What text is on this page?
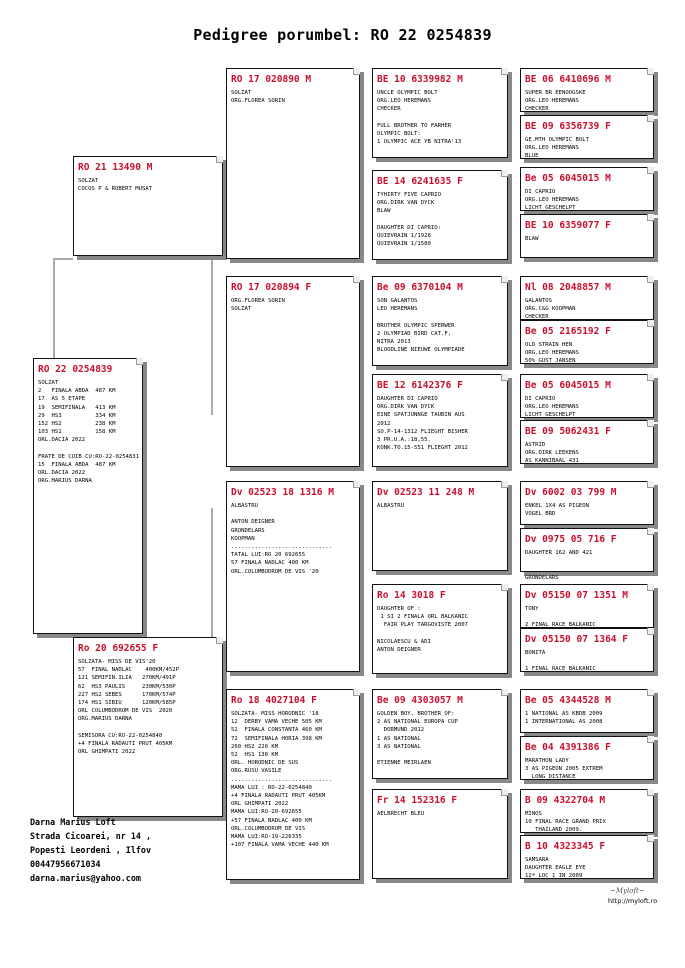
Pedigree porumbel: RO 22 0254839
RO 22 0254839
SOLZAT
2   FINALA ABDA  487 KM
17  AS 5 ETAPE
19  SEMIFINALA   413 KM
29  HS3          334 KM
152 HS2          238 KM
103 HS1          158 KM
ORL.DACIA 2022
FRATE DE CUIB CU:RO-22-0254831
15  FINALA ABDA  487 KM
ORL.DACIA 2022
ORG.MARIUS DARNA
RO 21 13490 M
SOLZAT
COCOS P & ROBERT MUSAT
Ro 20 692655 F
SOLZATA- MISS DE VIS'20
57  FINAL NADLAC    400KM/452P
121 SEMIFIN.ILIA   270KM/491P
62  HS3 PAULIS     230KM/530P
227 HS2 SEBES      170KM/574P
174 HS1 SIBIU      120KM/585P
ORL COLUMBODROM DE VIS  2020
ORG.MARIUS DARNA
SEMISORA CU:RO-22-0254840
+4 FINALA RADAUTI PRUT 405KM
ORL GHIMPATI 2022
RO 17 020890 M
SOLZAT
ORG.FLOREA SORIN
RO 17 020894 F
ORG.FLOREA SORIN
SOLZAT
Dv 02523 18 1316 M
ALBASTRU
ANTON DEIGNER
GRONDELARS
KOOPMAN
..............................
TATAL LUI:RO 20 692655
57 FINALA NADLAC 400 KM
ORL.COLUMBODROM DE VIS '20
Ro 18 4027104 F
SOLZATA- MISS HORODNIC '18
12  DERBY VAMA VECHE 505 KM
52  FINALA CONSTANTA 460 KM
72  SEMIFINALA HORIA 398 KM
260 HS2 220 KM
52  HS1 130 KM
ORL. HORODNIC DE SUS
ORG.RUSU VASILE
..............................
MAMA LUI : RO-22-0254840
+4 FINALA RADAUTI PRUT 405KM
ORL GHIMPATI 2022
MAMA LUI:RO-20-692655
+57 FINALA NADLAC 400 KM
ORL.COLUMBODROM DE VIS
MAMA LUI:RO-19-226335
+107 FINALA VAMA VECHE 440 KM
BE 10 6339982 M
UNCLE OLYMPIC BOLT
ORG.LEO HEREMANS
CHECKER
FULL BROTHER TO FARHER
OLYMPIC BOLT:
1 OLYMPIC ACE YB NITRA'13
BE 14 6241635 F
TYHIRTY FIVE CAPRIO
ORG.DIRK VAN DYCK
BLAW
DAUGHTER DI CAPRIO:
QUIEVRAIN 1/1928
QUIEVRAIN 1/1580
Be 09 6370104 M
SON GALANTOS
LEO HEREMANS
BROTHER OLYMPIC SPERWER
2 OLYMPIAD BIRD CAT.F,
NITRA 2013
BLOODLINE NIEUWE OLYMPIADE
BE 12 6142376 F
DAUGHTER DI CAPRIO
ORG.DIRK VAN DYCK
EINE SPATJUNNGE TAUBIN AUS
2012
SO.P-14-1312 FLIEGHT BISHER
3 PR.U.A.:18,55.
KONK.TO.15-551 FLIEGHT 2012
Dv 02523 11 248 M
ALBASTRU
Ro 14 3018 F
DAUGHTER OF :
1 SI 2 FINALA ORL BALKANIC
FAIR PLAY TARGOVISTE 2007
NICOLAESCU & ADI
ANTON DEIGNER
Be 09 4303057 M
GOLDEN BOY, BROTHER OF:
2 AS NATIONAL EUROPA CUP
DORMUND 2012
1 AS NATIONAL
3 AS NATIONAL
ETIENNE MEIRLAEN
Fr 14 152316 F
AELBRECHT BLEU
BE 06 6410696 M
SUPER BR EENOOGSKE
ORG.LEO HEREMANS
CHECKER
BE 09 6356739 F
GE.MTH OLYMPIC BOLT
ORG.LEO HEREMANS
BLUE
Be 05 6045015 M
DI CAPRIO
ORG.LEO HEREMANS
LICHT GESCHELPT
BE 10 6359077 F
BLAW
Nl 08 2048857 M
GALANTOS
ORG.C&G KOOPMAN
CHECKER
Be 05 2165192 F
OLD STRAIN HEN
ORG.LEO HEREMANS
50% GUST JANSEN
Be 05 6045015 M
DI CAPRIO
ORG.LEO HEREMANS
LICHT GESCHELPT
BE 09 5062431 F
ASTRID
ORG.DIRK LEEKENS
AS KANNIBAAL 431
Dv 6002 03 799 M
ENKEL 1X4 AS PIGEON
VOGEL BRD
Dv 0975 05 716 F
DAUGHTER 162 AND 421
GRONDELARS
Dv 05150 07 1351 M
TONY
2 FINAL RACE BALKANIC
Dv 05150 07 1364 F
BONITA
1 FINAL RACE BALKANIC
Be 05 4344528 M
1 NATIONAL AS KBDB 2009
1 INTERNATIONAL AS 2008
Be 04 4391386 F
MARATHON LADY
3 AS PIGEON 2005 EXTREM
LONG DISTANCE
B 09 4322704 M
MINOS
10 FINAL RACE GRAND PRIX
THAILAND 2009.
B 10 4323345 F
SAMSARA
DAUGHTER EAGLE EYE
12ª LOC 1 IN 2009
Darna Marius Loft
Strada Cicoarei, nr 14 ,
Popesti Leordeni , Ilfov
00447956671034
darna.marius@yahoo.com
~Myloft~
http://myloft.ro
